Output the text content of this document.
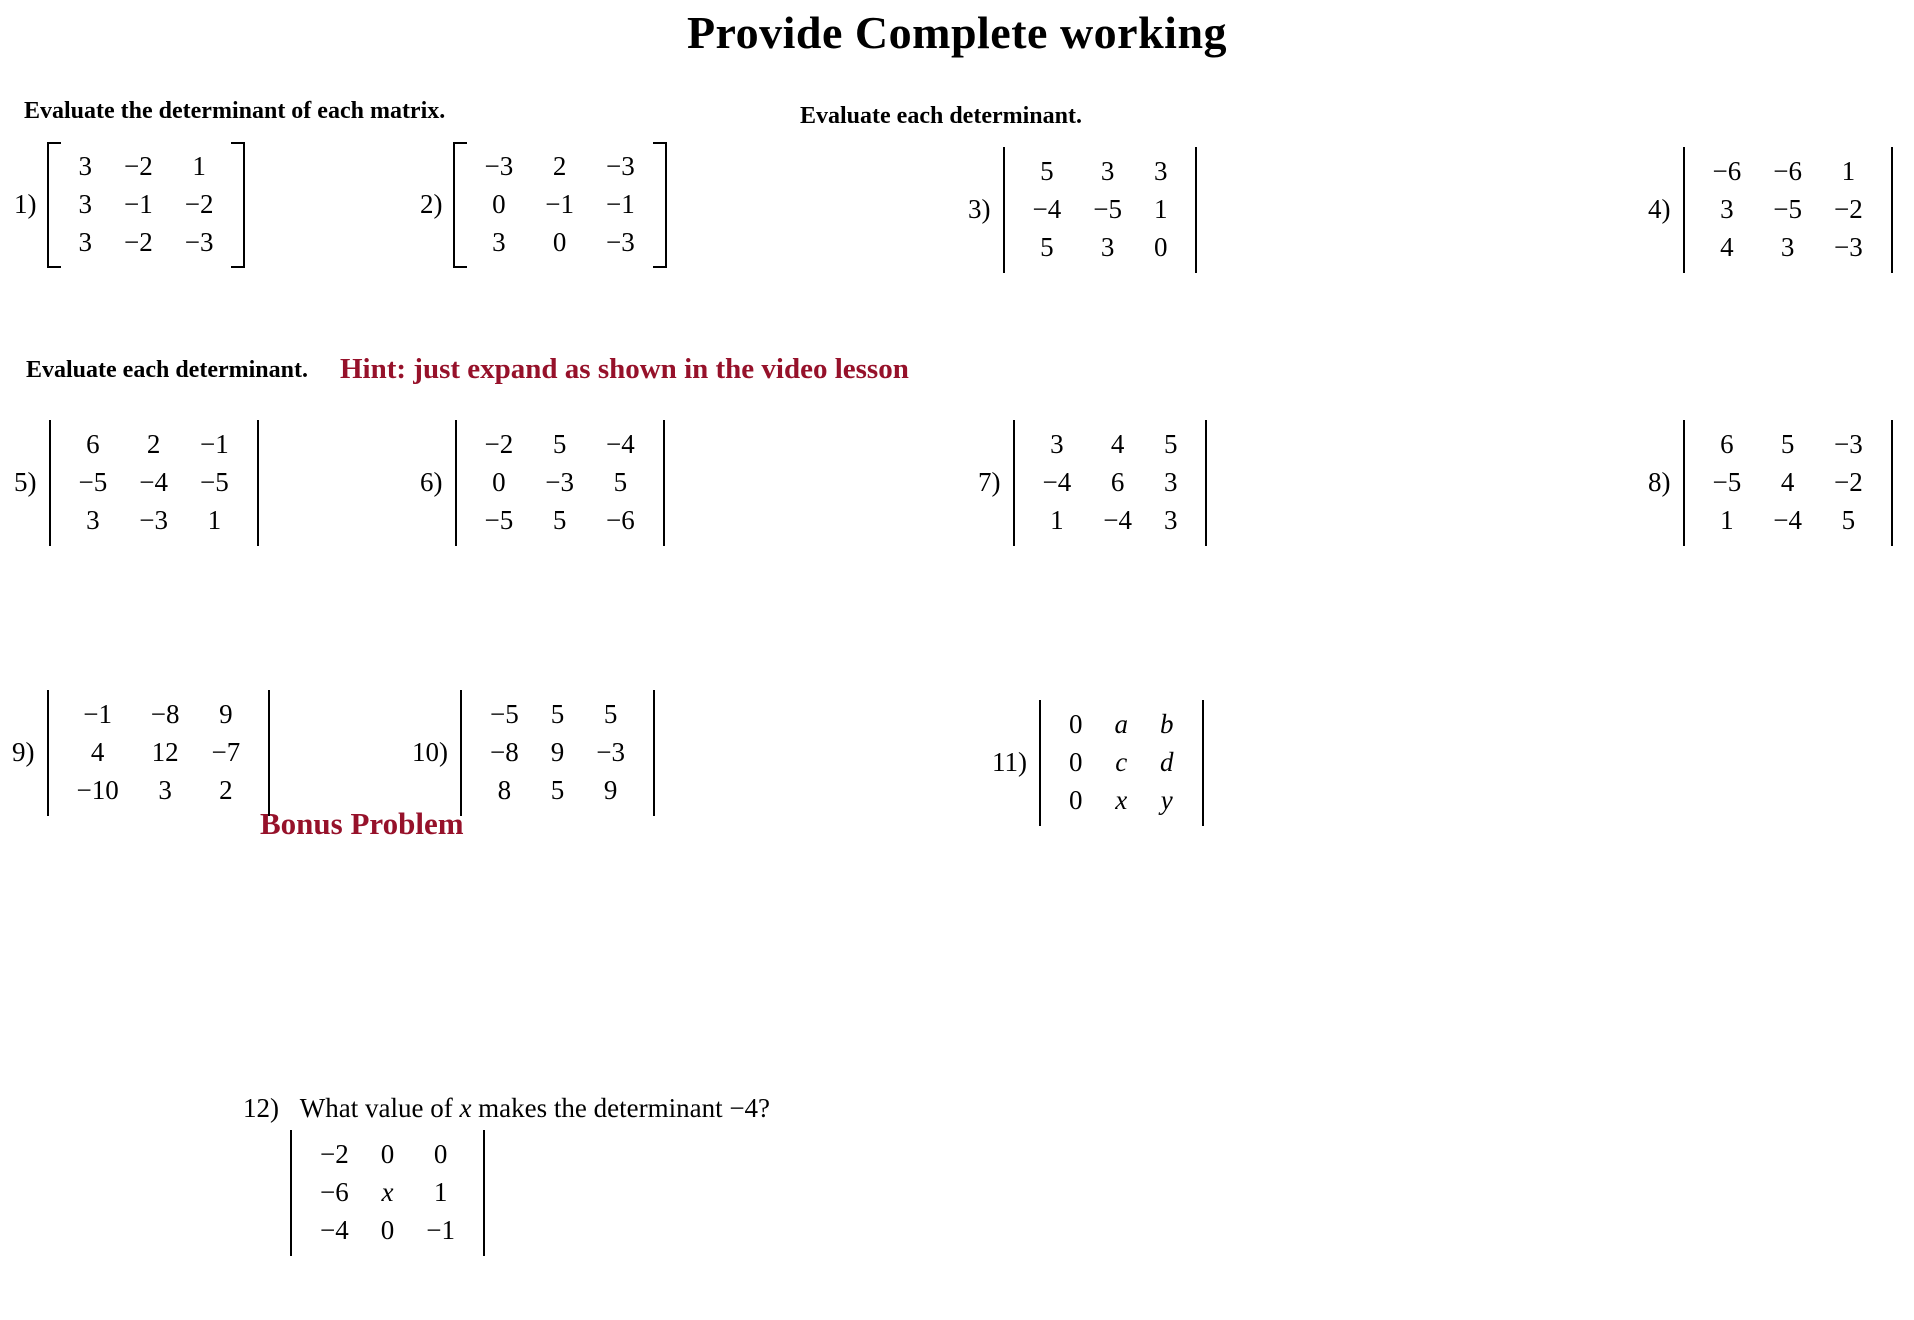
Provide Complete working
Evaluate the determinant of each matrix.	Evaluate each determinant.
Evaluate each determinant. Hint: just expand as shown in the video lesson
Bonus Problem
1)
3	−2	1
3	−1	−2
3	−2	−3
2)
−3	2	−3
0	−1	−1
3	0	−3
3)
5	3	3
−4	−5	1
5	3	0
4)
−6	−6	1
3	−5	−2
4	3	−3
5)
6	2	−1
−5	−4	−5
3	−3	1
6)
−2	5	−4
0	−3	5
−5	5	−6
7)
3	4	5
−4	6	3
1	−4	3
8)
6	5	−3
−5	4	−2
1	−4	5
9)
−1	−8	9
4	12	−7
−10	3	2
10)
−5	5	5
−8	9	−3
8	5	9
11)
0	a	b
0	c	d
0	x	y
12) What value of x makes the determinant −4?
−2	0	0
−6	x	1
−4	0	−1
